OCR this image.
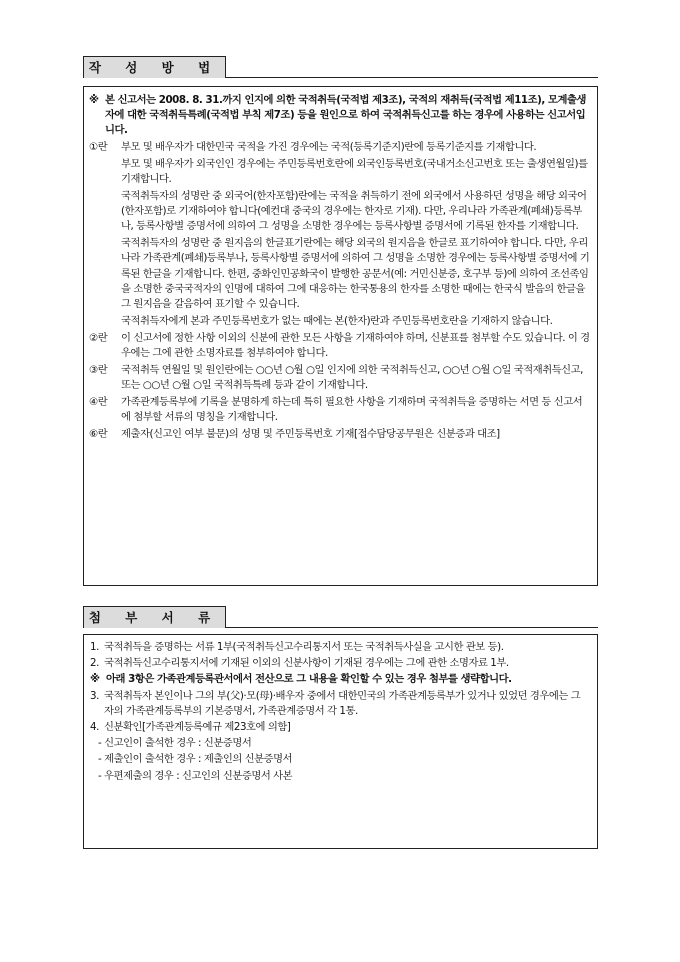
작 성 방 법
※ 본 신고서는 2008. 8. 31.까지 인지에 의한 국적취득(국적법 제3조), 국적의 재취득(국적법 제11조), 모계출생자에 대한 국적취득특례(국적법 부칙 제7조) 등을 원인으로 하여 국적취득신고를 하는 경우에 사용하는 신고서입니다.
①란	부모 및 배우자가 대한민국 국적을 가진 경우에는 국적(등록기준지)란에 등록기준지를 기재합니다.
부모 및 배우자가 외국인인 경우에는 주민등록번호란에 외국인등록번호(국내거소신고번호 또는 출생연월일)를 기재합니다.
국적취득자의 성명란 중 외국어(한자포함)란에는 국적을 취득하기 전에 외국에서 사용하던 성명을 해당 외국어(한자포함)로 기재하여야 합니다(예컨대 중국의 경우에는 한자로 기재). 다만, 우리나라 가족관계(폐쇄)등록부나, 등록사항별 증명서에 의하여 그 성명을 소명한 경우에는 등록사항별 증명서에 기록된 한자를 기재합니다.
국적취득자의 성명란 중 원지음의 한글표기란에는 해당 외국의 원지음을 한글로 표기하여야 합니다. 다만, 우리나라 가족관계(폐쇄)등록부나, 등록사항별 증명서에 의하여 그 성명을 소명한 경우에는 등록사항별 증명서에 기록된 한글을 기재합니다. 한편, 중화인민공화국이 발행한 공문서(예: 거민신분증, 호구부 등)에 의하여 조선족임을 소명한 중국국적자의 인명에 대하여 그에 대응하는 한국통용의 한자를 소명한 때에는 한국식 발음의 한글을 그 원지음을 갈음하여 표기할 수 있습니다.
국적취득자에게 본과 주민등록번호가 없는 때에는 본(한자)란과 주민등록번호란을 기재하지 않습니다.
②란	이 신고서에 정한 사항 이외의 신분에 관한 모든 사항을 기재하여야 하며, 신분표를 첨부할 수도 있습니다. 이 경우에는 그에 관한 소명자료를 첨부하여야 합니다.
③란	국적취득 연월일 및 원인란에는 ○○년 ○월 ○일 인지에 의한 국적취득신고, ○○년 ○월 ○일 국적재취득신고, 또는 ○○년 ○월 ○일 국적취득특례 등과 같이 기재합니다.
④란	가족관계등록부에 기록을 분명하게 하는데 특히 필요한 사항을 기재하며 국적취득을 증명하는 서면 등 신고서에 첨부할 서류의 명칭을 기재합니다.
⑥란	제출자(신고인 여부 불문)의 성명 및 주민등록번호 기재[접수담당공무원은 신분증과 대조]
첨 부 서 류
1. 국적취득을 증명하는 서류 1부(국적취득신고수리통지서 또는 국적취득사실을 고시한 관보 등).
2. 국적취득신고수리통지서에 기재된 이외의 신분사항이 기재된 경우에는 그에 관한 소명자료 1부.
※ 아래 3항은 가족관계등록관서에서 전산으로 그 내용을 확인할 수 있는 경우 첨부를 생략합니다.
3. 국적취득자 본인이나 그의 부(父)·모(母)·배우자 중에서 대한민국의 가족관계등록부가 있거나 있었던 경우에는 그 자의 가족관계등록부의 기본증명서, 가족관계증명서 각 1통.
4. 신분확인[가족관계등록예규 제23호에 의함]
- 신고인이 출석한 경우 : 신분증명서
- 제출인이 출석한 경우 : 제출인의 신분증명서
- 우편제출의 경우 : 신고인의 신분증명서 사본
